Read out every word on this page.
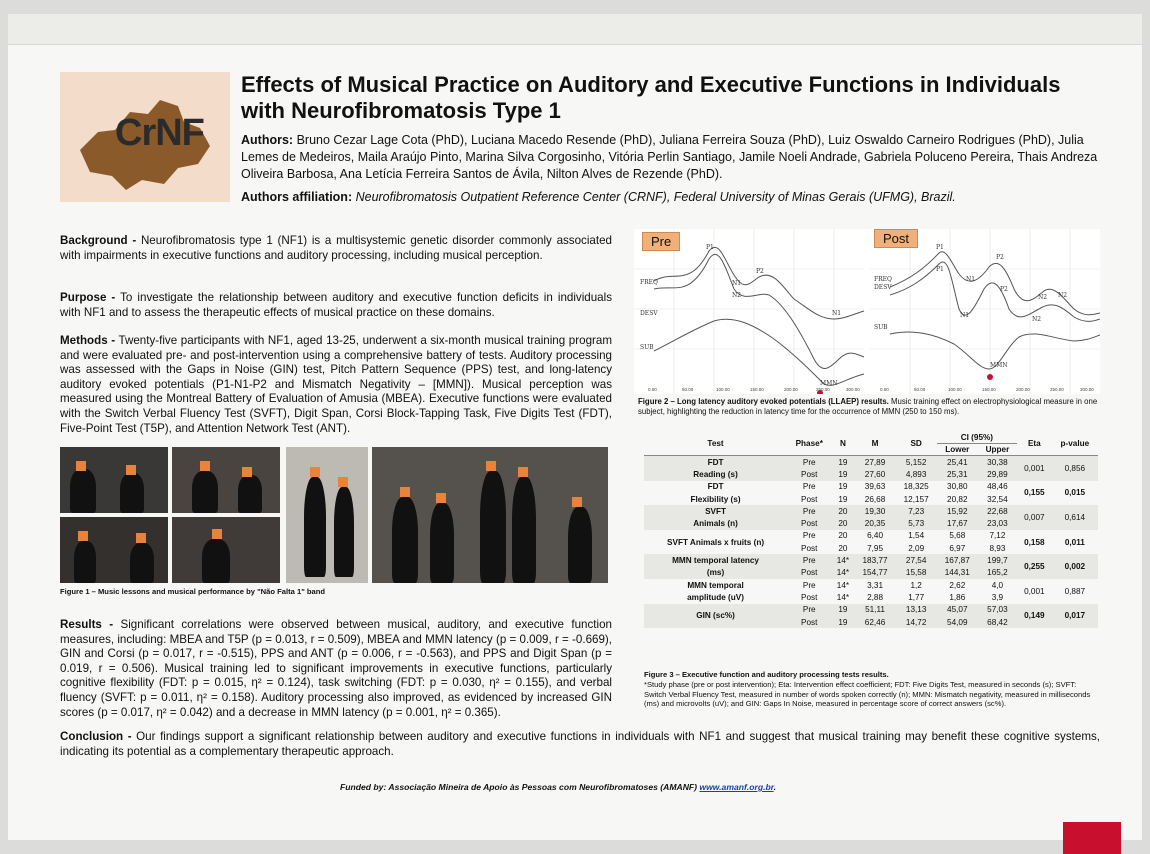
CrNF
Effects of Musical Practice on Auditory and Executive Functions in Individuals with Neurofibromatosis Type 1
Authors: Bruno Cezar Lage Cota (PhD), Luciana Macedo Resende (PhD), Juliana Ferreira Souza (PhD), Luiz Oswaldo Carneiro Rodrigues (PhD), Julia Lemes de Medeiros, Maila Araújo Pinto, Marina Silva Corgosinho, Vitória Perlin Santiago, Jamile Noeli Andrade, Gabriela Poluceno Pereira, Thais Andreza Oliveira Barbosa, Ana Letícia Ferreira Santos de Ávila, Nilton Alves de Rezende (PhD).
Authors affiliation: Neurofibromatosis Outpatient Reference Center (CRNF), Federal University of Minas Gerais (UFMG), Brazil.
Background - Neurofibromatosis type 1 (NF1) is a multisystemic genetic disorder commonly associated with impairments in executive functions and auditory processing, including musical perception.
Purpose - To investigate the relationship between auditory and executive function deficits in individuals with NF1 and to assess the therapeutic effects of musical practice on these domains.
Methods - Twenty-five participants with NF1, aged 13-25, underwent a six-month musical training program and were evaluated pre- and post-intervention using a comprehensive battery of tests. Auditory processing was assessed with the Gaps in Noise (GIN) test, Pitch Pattern Sequence (PPS) test, and long-latency auditory evoked potentials (P1-N1-P2 and Mismatch Negativity – [MMN]). Musical perception was measured using the Montreal Battery of Evaluation of Amusia (MBEA). Executive functions were evaluated with the Switch Verbal Fluency Test (SVFT), Digit Span, Corsi Block-Tapping Task, Five Digits Test (FDT), Five-Point Test (T5P), and Attention Network Test (ANT).
Figure 1 – Music lessons and musical performance by "Não Falta 1" band
Results - Significant correlations were observed between musical, auditory, and executive function measures, including: MBEA and T5P (p = 0.013, r = 0.509), MBEA and MMN latency (p = 0.009, r = -0.669), GIN and Corsi (p = 0.017, r = -0.515), PPS and ANT (p = 0.006, r = -0.563), and PPS and Digit Span (p = 0.019, r = 0.506). Musical training led to significant improvements in executive functions, particularly cognitive flexibility (FDT: p = 0.015, η² = 0.124), task switching (FDT: p = 0.030, η² = 0.155), and verbal fluency (SVFT: p = 0.011, η² = 0.158). Auditory processing also improved, as evidenced by increased GIN scores (p = 0.017, η² = 0.042) and a decrease in MMN latency (p = 0.001, η² = 0.365).
Conclusion - Our findings support a significant relationship between auditory and executive functions in individuals with NF1 and suggest that musical training may benefit these cognitive systems, indicating its potential as a complementary therapeutic approach.
FREQ
DESV
SUB
FREQ
DESV
SUB
P1
N1
P2
N2
N1
MMN
P1
P1
N1
P2
P2
N1
N2 N2
N2
MMN
0.00	50.00	100.00	150.00	200.00	250.00	300.00	0.00	50.00	100.00	150.00	200.00	250.00	300.00
Pre	Post
Figure 2 – Long latency auditory evoked potentials (LLAEP) results. Music training effect on electrophysiological measure in one subject, highlighting the reduction in latency time for the occurrence of MMN (250 to 150 ms).
Test	Phase*	N	M	SD	CI (95%)		Eta	p-value
					Lower	Upper		
FDT	Pre	19	27,89	5,152	25,41	30,38	0,001	0,856
Reading (s)	Post	19	27,60	4,893	25,31	29,89		
FDT	Pre	19	39,63	18,325	30,80	48,46	0,155	0,015
Flexibility (s)	Post	19	26,68	12,157	20,82	32,54		
SVFT	Pre	20	19,30	7,23	15,92	22,68	0,007	0,614
Animals (n)	Post	20	20,35	5,73	17,67	23,03		
SVFT Animals x fruits (n)	Pre	20	6,40	1,54	5,68	7,12	0,158	0,011
	Post	20	7,95	2,09	6,97	8,93		
MMN temporal latency	Pre	14*	183,77	27,54	167,87	199,7	0,255	0,002
(ms)	Post	14*	154,77	15,58	144,31	165,2		
MMN temporal	Pre	14*	3,31	1,2	2,62	4,0	0,001	0,887
amplitude (uV)	Post	14*	2,88	1,77	1,86	3,9		
GIN (sc%)	Pre	19	51,11	13,13	45,07	57,03	0,149	0,017
	Post	19	62,46	14,72	54,09	68,42		
Figure 3 – Executive function and auditory processing tests results.
*Study phase (pre or post intervention); Eta: Intervention effect coefficient; FDT: Five Digits Test, measured in seconds (s); SVFT: Switch Verbal Fluency Test, measured in number of words spoken correctly (n); MMN: Mismatch negativity, measured in milliseconds (ms) and microvolts (uV); and GIN: Gaps In Noise, measured in percentage score of correct answers (sc%).
Funded by: Associação Mineira de Apoio às Pessoas com Neurofibromatoses (AMANF) www.amanf.org.br.
